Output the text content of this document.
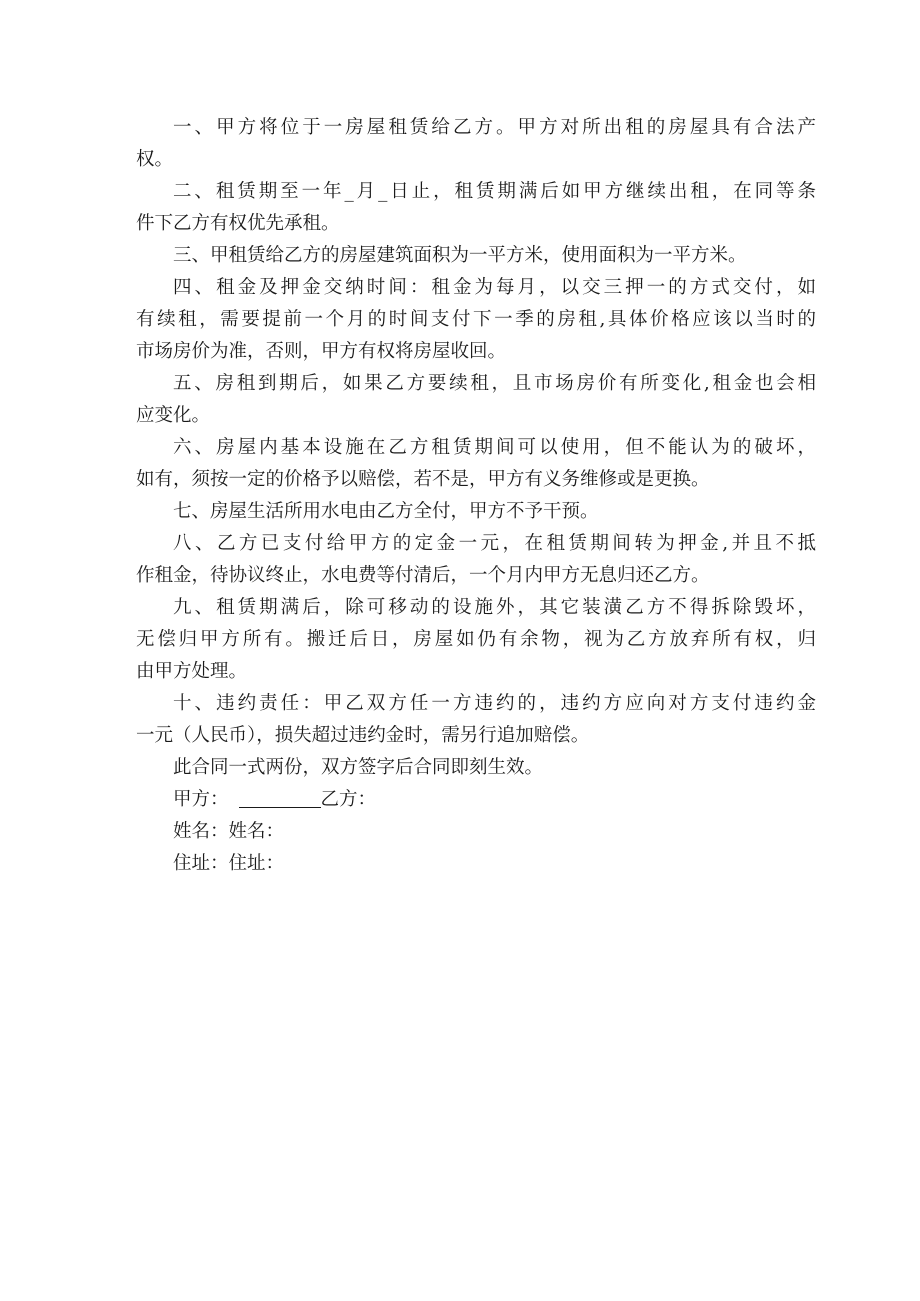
一、甲方将位于一房屋租赁给乙方。甲方对所出租的房屋具有合法产
权。
二、租赁期至一年_月_日止，租赁期满后如甲方继续出租，在同等条
件下乙方有权优先承租。
三、甲租赁给乙方的房屋建筑面积为一平方米，使用面积为一平方米。
四、租金及押金交纳时间：租金为每月，以交三押一的方式交付，如
有续租，需要提前一个月的时间支付下一季的房租,具体价格应该以当时的
市场房价为准，否则，甲方有权将房屋收回。
五、房租到期后，如果乙方要续租，且市场房价有所变化,租金也会相
应变化。
六、房屋内基本设施在乙方租赁期间可以使用，但不能认为的破坏，
如有，须按一定的价格予以赔偿，若不是，甲方有义务维修或是更换。
七、房屋生活所用水电由乙方全付，甲方不予干预。
八、乙方已支付给甲方的定金一元，在租赁期间转为押金,并且不抵
作租金，待协议终止，水电费等付清后，一个月内甲方无息归还乙方。
九、租赁期满后，除可移动的设施外，其它装潢乙方不得拆除毁坏，
无偿归甲方所有。搬迁后日，房屋如仍有余物，视为乙方放弃所有权，归
由甲方处理。
十、违约责任：甲乙双方任一方违约的，违约方应向对方支付违约金
一元（人民币），损失超过违约金时，需另行追加赔偿。
此合同一式两份，双方签字后合同即刻生效。
甲方：	乙方：
姓名：姓名：
住址：住址：
